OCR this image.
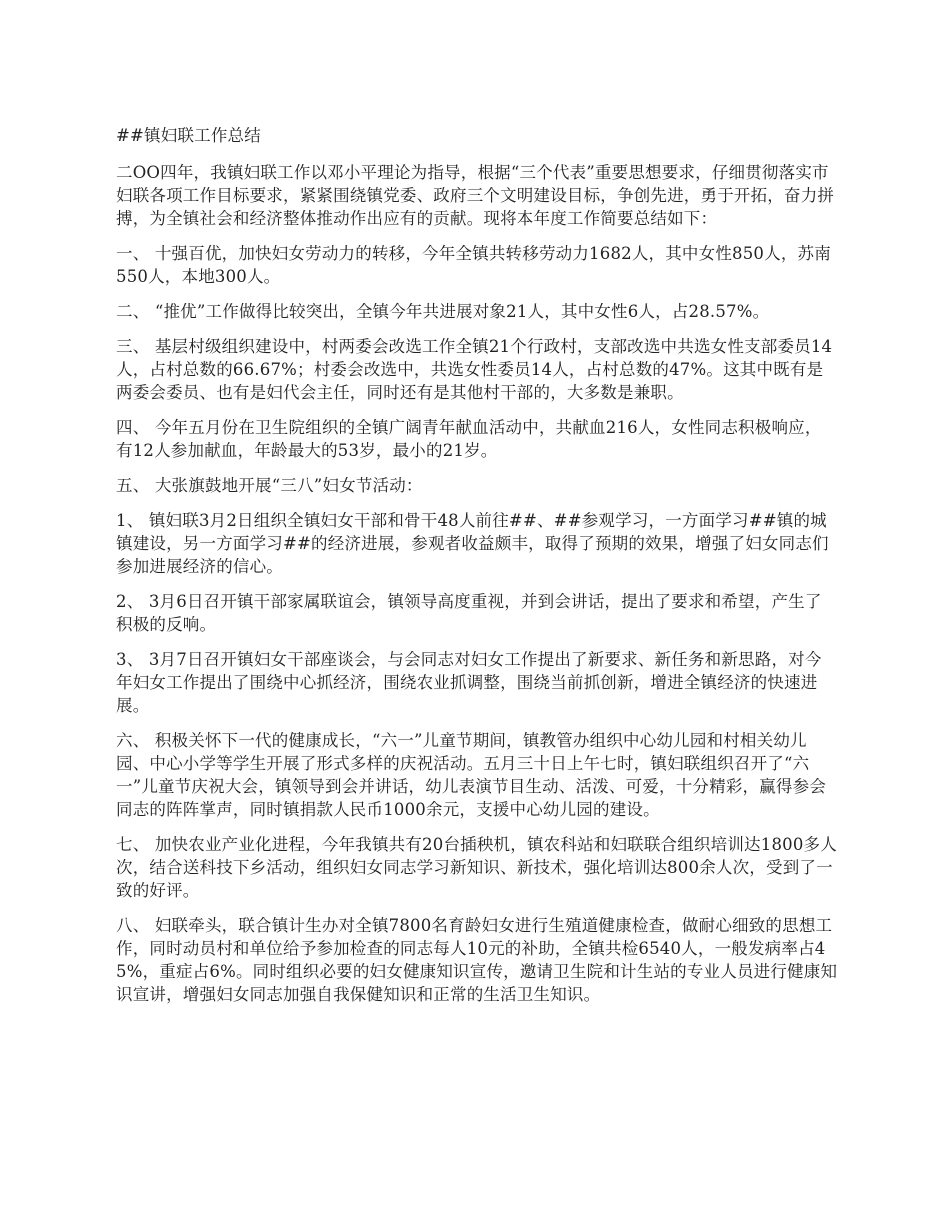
##镇妇联工作总结

二OO四年，我镇妇联工作以邓小平理论为指导，根据“三个代表”重要思想要求，仔细贯彻落实市妇联各项工作目标要求，紧紧围绕镇党委、政府三个文明建设目标，争创先进，勇于开拓，奋力拼搏，为全镇社会和经济整体推动作出应有的贡献。现将本年度工作简要总结如下：

一、 十强百优，加快妇女劳动力的转移，今年全镇共转移劳动力1682人，其中女性850人，苏南550人，本地300人。

二、 “推优”工作做得比较突出，全镇今年共进展对象21人，其中女性6人，占28.57%。

三、 基层村级组织建设中，村两委会改选工作全镇21个行政村，支部改选中共选女性支部委员14人，占村总数的66.67%；村委会改选中，共选女性委员14人，占村总数的47%。这其中既有是两委会委员、也有是妇代会主任，同时还有是其他村干部的，大多数是兼职。

四、 今年五月份在卫生院组织的全镇广阔青年献血活动中，共献血216人，女性同志积极响应，有12人参加献血，年龄最大的53岁，最小的21岁。

五、 大张旗鼓地开展“三八”妇女节活动：

1、 镇妇联3月2日组织全镇妇女干部和骨干48人前往##、##参观学习，一方面学习##镇的城镇建设，另一方面学习##的经济进展，参观者收益颇丰，取得了预期的效果，增强了妇女同志们参加进展经济的信心。

2、 3月6日召开镇干部家属联谊会，镇领导高度重视，并到会讲话，提出了要求和希望，产生了积极的反响。

3、 3月7日召开镇妇女干部座谈会，与会同志对妇女工作提出了新要求、新任务和新思路，对今年妇女工作提出了围绕中心抓经济，围绕农业抓调整，围绕当前抓创新，增进全镇经济的快速进展。

六、 积极关怀下一代的健康成长，“六一”儿童节期间，镇教管办组织中心幼儿园和村相关幼儿园、中心小学等学生开展了形式多样的庆祝活动。五月三十日上午七时，镇妇联组织召开了“六一”儿童节庆祝大会，镇领导到会并讲话，幼儿表演节目生动、活泼、可爱，十分精彩，赢得参会同志的阵阵掌声，同时镇捐款人民币1000余元，支援中心幼儿园的建设。

七、 加快农业产业化进程，今年我镇共有20台插秧机，镇农科站和妇联联合组织培训达1800多人次，结合送科技下乡活动，组织妇女同志学习新知识、新技术，强化培训达800余人次，受到了一致的好评。

八、 妇联牵头，联合镇计生办对全镇7800名育龄妇女进行生殖道健康检查，做耐心细致的思想工作，同时动员村和单位给予参加检查的同志每人10元的补助，全镇共检6540人，一般发病率占45%，重症占6%。同时组织必要的妇女健康知识宣传，邀请卫生院和计生站的专业人员进行健康知识宣讲，增强妇女同志加强自我保健知识和正常的生活卫生知识。
